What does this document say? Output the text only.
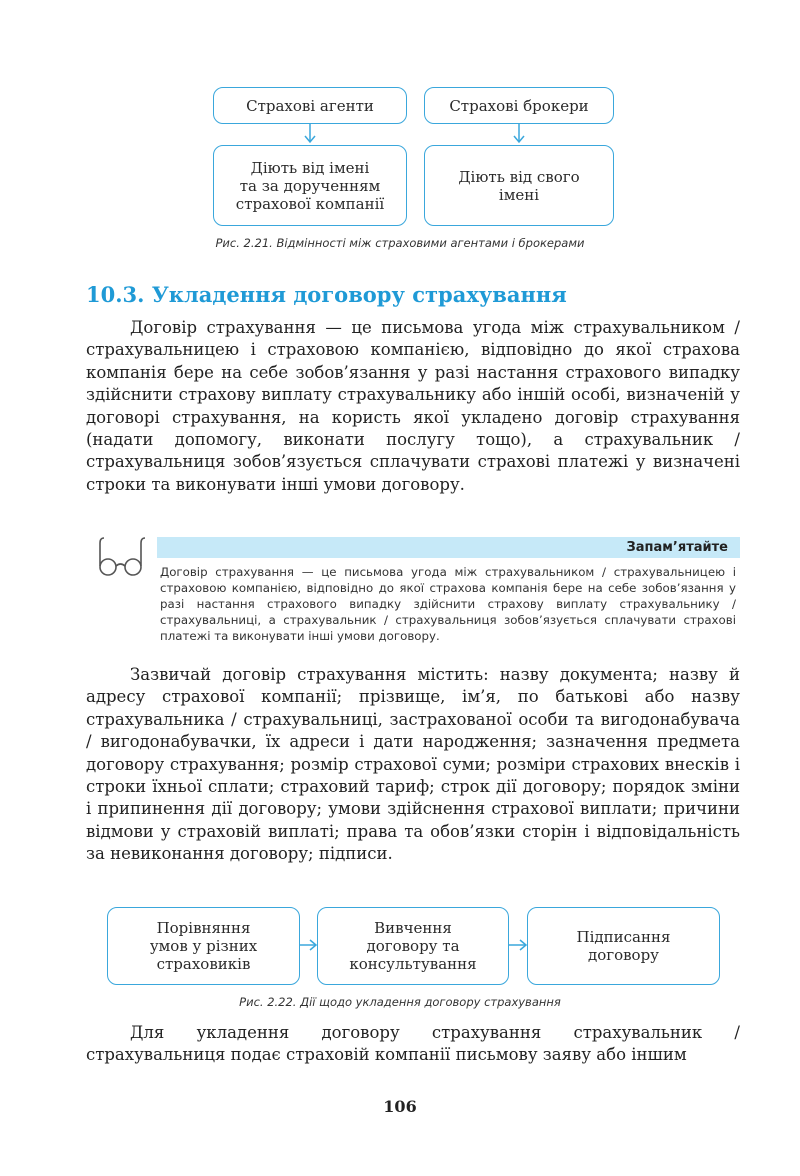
Страхові агенти	Страхові брокери
Діють від імені
та за дорученням
страхової компанії
Діють від свого
імені
Рис. 2.21. Відмінності між страховими агентами і брокерами
10.3. Укладення договору страхування

Договір страхування — це письмова угода між страхувальником / страхувальницею і страховою компанією, відповідно до якої страхова компанія бере на себе зобов’язання у разі настання страхового випадку здійснити страхову виплату страхувальнику або іншій особі, визначеній у договорі страхування, на користь якої укладено договір страхування (надати допомогу, виконати послугу тощо), а страхувальник / страхувальниця зобов’язується сплачувати страхові платежі у визначені строки та виконувати інші умови договору.

Запам’ятайте

Договір страхування — це письмова угода між страхувальником / страхувальницею і страховою компанією, відповідно до якої страхова компанія бере на себе зобов’язання у разі настання страхового випадку здійснити страхову виплату страхувальнику / страхувальниці, а страхувальник / страхувальниця зобов’язується сплачувати страхові платежі та виконувати інші умови договору.

Зазвичай договір страхування містить: назву документа; назву й адресу страхової компанії; прізвище, ім’я, по батькові або назву страхувальника / страхувальниці, застрахованої особи та вигодонабувача / вигодонабувачки, їх адреси і дати народження; зазначення предмета договору страхування; розмір страхової суми; розміри страхових внесків і строки їхньої сплати; страховий тариф; строк дії договору; порядок зміни і припинення дії договору; умови здійснення страхової виплати; причини відмови у страховій виплаті; права та обов’язки сторін і відповідальність за невиконання договору; підписи.

Порівняння
умов у різних
страховиків
Вивчення
договору та
консультування
Підписання
договору
Рис. 2.22. Дії щодо укладення договору страхування

Для укладення договору страхування страхувальник / страхувальниця подає страховій компанії письмову заяву або іншим

106
